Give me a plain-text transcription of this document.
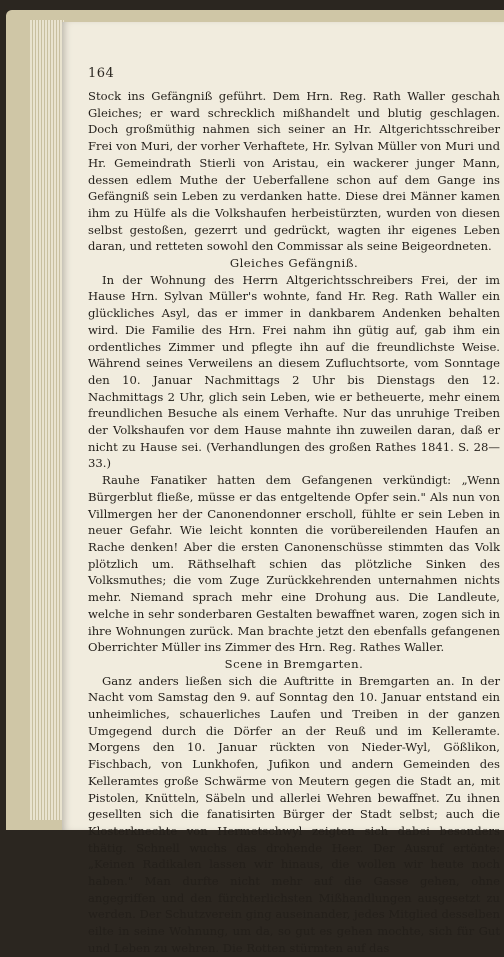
164

Stock ins Gefängniß geführt. Dem Hrn. Reg. Rath Waller geschah Gleiches; er ward schrecklich mißhandelt und blutig geschlagen. Doch großmüthig nahmen sich seiner an Hr. Altgerichtsschreiber Frei von Muri, der vorher Verhaftete, Hr. Sylvan Müller von Muri und Hr. Gemeindrath Stierli von Aristau, ein wackerer junger Mann, dessen edlem Muthe der Ueberfallene schon auf dem Gange ins Gefängniß sein Leben zu verdanken hatte. Diese drei Männer kamen ihm zu Hülfe als die Volkshaufen herbeistürzten, wurden von diesen selbst gestoßen, gezerrt und gedrückt, wagten ihr eigenes Leben daran, und retteten sowohl den Commissar als seine Beigeordneten.

Gleiches Gefängniß.

In der Wohnung des Herrn Altgerichtsschreibers Frei, der im Hause Hrn. Sylvan Müller's wohnte, fand Hr. Reg. Rath Waller ein glückliches Asyl, das er immer in dankbarem Andenken behalten wird. Die Familie des Hrn. Frei nahm ihn gütig auf, gab ihm ein ordentliches Zimmer und pflegte ihn auf die freundlichste Weise. Während seines Verweilens an diesem Zufluchtsorte, vom Sonntage den 10. Januar Nachmittags 2 Uhr bis Dienstags den 12. Nachmittags 2 Uhr, glich sein Leben, wie er betheuerte, mehr einem freundlichen Besuche als einem Verhafte. Nur das unruhige Treiben der Volkshaufen vor dem Hause mahnte ihn zuweilen daran, daß er nicht zu Hause sei. (Verhandlungen des großen Rathes 1841. S. 28—33.)

Rauhe Fanatiker hatten dem Gefangenen verkündigt: „Wenn Bürgerblut fließe, müsse er das entgeltende Opfer sein." Als nun von Villmergen her der Canonendonner erscholl, fühlte er sein Leben in neuer Gefahr. Wie leicht konnten die vorübereilenden Haufen an Rache denken! Aber die ersten Canonenschüsse stimmten das Volk plötzlich um. Räthselhaft schien das plötzliche Sinken des Volksmuthes; die vom Zuge Zurückkehrenden unternahmen nichts mehr. Niemand sprach mehr eine Drohung aus. Die Landleute, welche in sehr sonderbaren Gestalten bewaffnet waren, zogen sich in ihre Wohnungen zurück. Man brachte jetzt den ebenfalls gefangenen Oberrichter Müller ins Zimmer des Hrn. Reg. Rathes Waller.

Scene in Bremgarten.

Ganz anders ließen sich die Auftritte in Bremgarten an. In der Nacht vom Samstag den 9. auf Sonntag den 10. Januar entstand ein unheimliches, schauerliches Laufen und Treiben in der ganzen Umgegend durch die Dörfer an der Reuß und im Kelleramte. Morgens den 10. Januar rückten von Nieder-Wyl, Gößlikon, Fischbach, von Lunkhofen, Jufikon und andern Gemeinden des Kelleramtes große Schwärme von Meutern gegen die Stadt an, mit Pistolen, Knütteln, Säbeln und allerlei Wehren bewaffnet. Zu ihnen gesellten sich die fanatisirten Bürger der Stadt selbst; auch die Klosterknechte von Hermetschwyl zeigten sich dabei besonders thätig. Schnell wuchs das drohende Heer. Der Ausruf ertönte: „Keinen Radikalen lassen wir hinaus, die wollen wir heute noch haben." Man durfte nicht mehr auf die Gasse gehen, ohne angegriffen und den fürchterlichsten Mißhandlungen ausgesetzt zu werden. Der Schutzverein ging auseinander, jedes Mitglied desselben eilte in seine Wohnung, um da, so gut es gehen mochte, sich für Gut und Leben zu wehren. Die Rotten stürmten auf das
